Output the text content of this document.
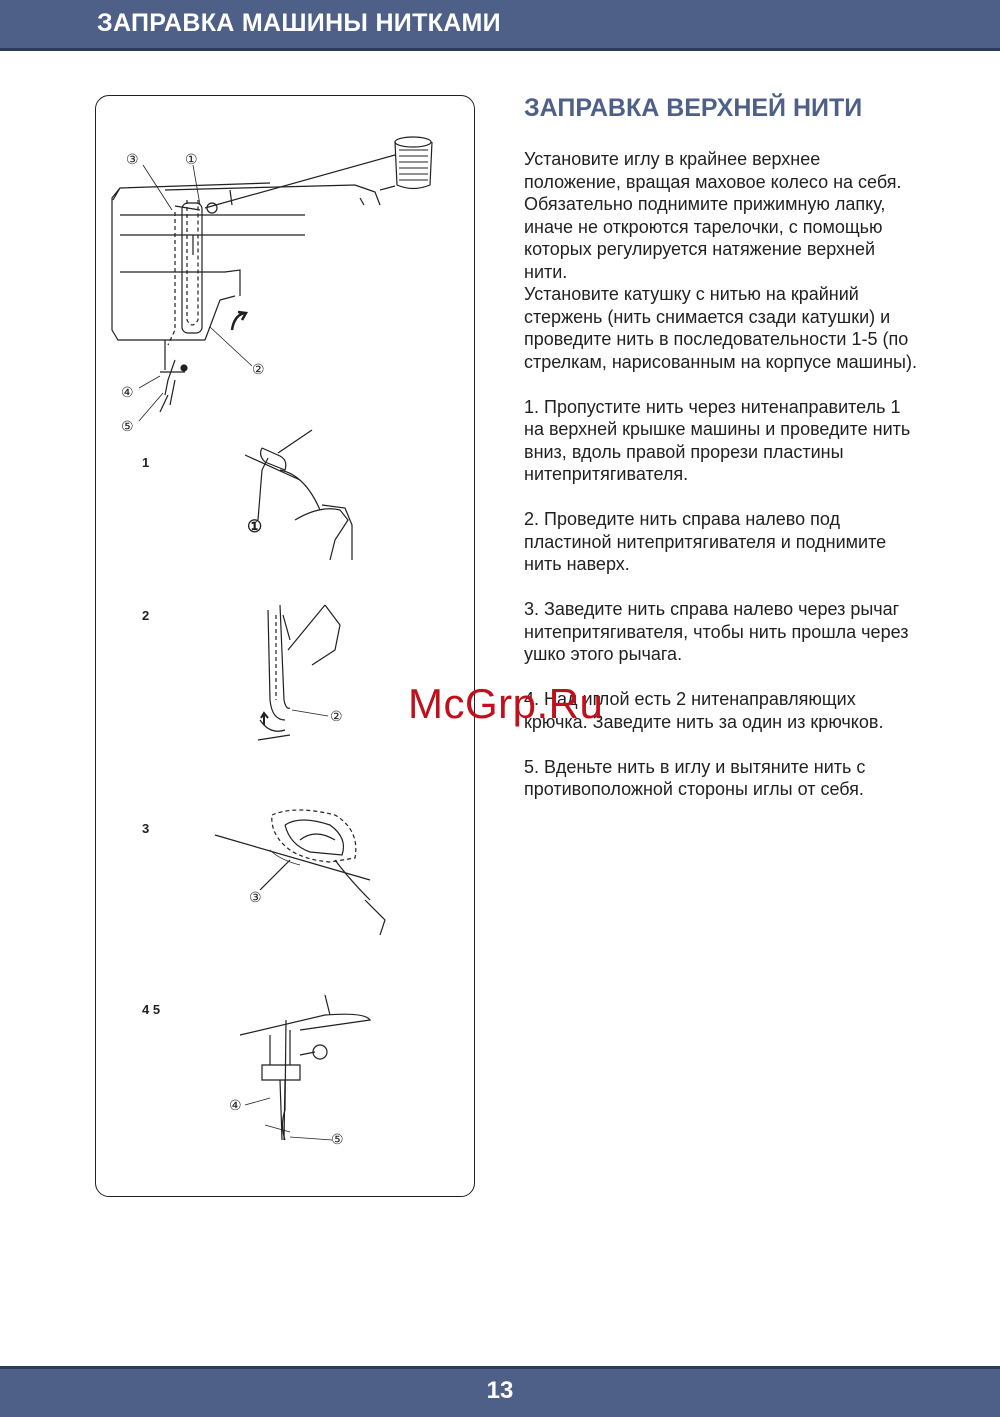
ЗАПРАВКА МАШИНЫ НИТКАМИ
1
2
3
4 5
③	①
②
④
⑤
①
②
③
④
⑤
ЗАПРАВКА ВЕРХНЕЙ НИТИ

Установите иглу в крайнее верхнее положение, вращая маховое колесо на себя.

Обязательно поднимите прижимную лапку, иначе не откроются тарелочки, с помощью которых регулируется натяжение верхней нити.

Установите катушку с нитью на крайний стержень (нить снимается сзади катушки) и проведите нить в последовательности 1-5 (по стрелкам, нарисованным на корпусе машины).

1. Пропустите нить через нитенаправитель 1 на верхней крышке машины и проведите нить вниз, вдоль правой прорези пластины нитепритягивателя.

2. Проведите нить справа налево под пластиной нитепритягивателя и поднимите нить наверх.

3. Заведите нить справа налево через рычаг нитепритягивателя, чтобы нить прошла через ушко этого рычага.

4. Над иглой есть 2 нитенаправляющих крючка. Заведите нить за один из крючков.

5. Вденьте нить в иглу и вытяните нить с противоположной стороны иглы от себя.

McGrp.Ru
13
